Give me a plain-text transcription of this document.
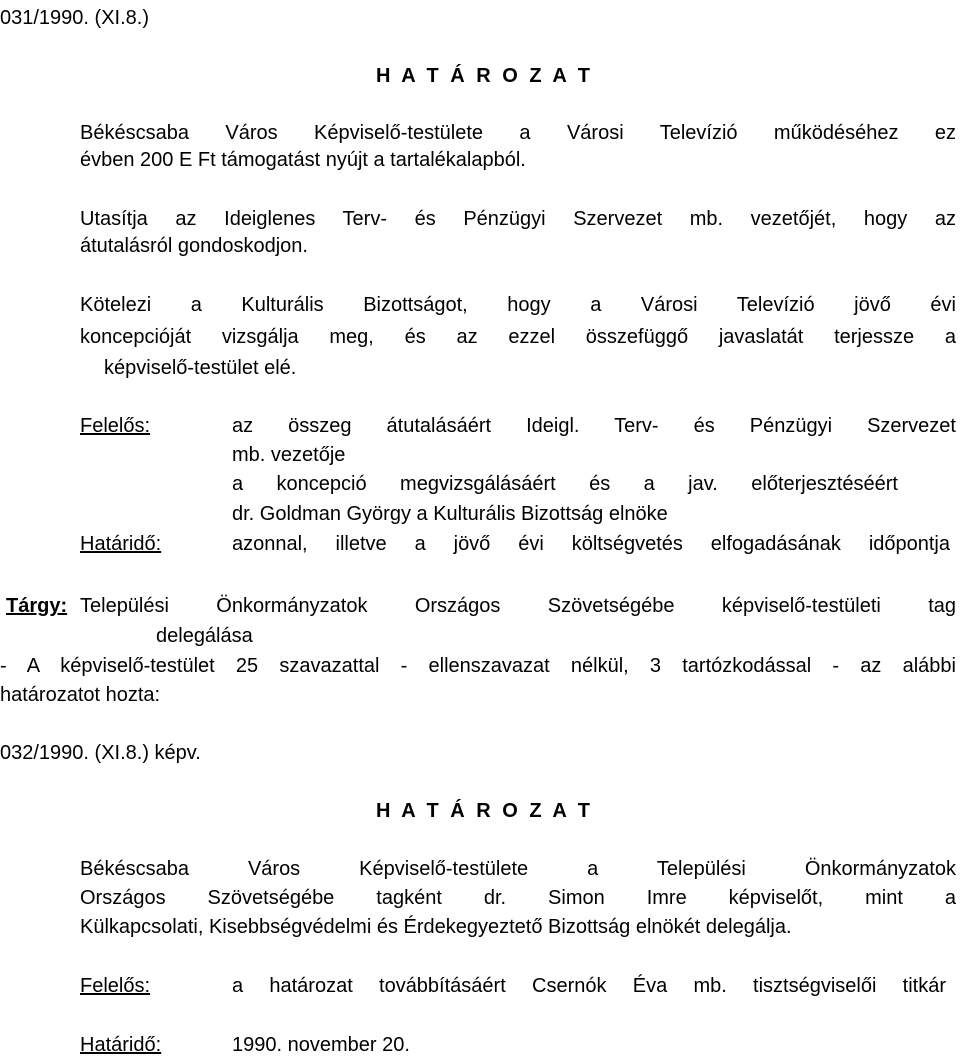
031/1990. (XI.8.)
H A T Á R O Z A T
Békéscsaba Város Képviselő-testülete a Városi Televízió működéséhez ez
évben 200 E Ft támogatást nyújt a tartalékalapból.
Utasítja az Ideiglenes Terv- és Pénzügyi Szervezet mb. vezetőjét, hogy az
átutalásról gondoskodjon.
Kötelezi a Kulturális Bizottságot, hogy a Városi Televízió jövő évi
koncepcióját vizsgálja meg, és az ezzel összefüggő javaslatát terjessze a
képviselő-testület elé.
Felelős:	az összeg átutalásáért Ideigl. Terv- és Pénzügyi Szervezet
mb. vezetője
a koncepció megvizsgálásáért és a jav. előterjesztéséért
dr. Goldman György a Kulturális Bizottság elnöke
Határidő:	azonnal, illetve a jövő évi költségvetés elfogadásának időpontja
Tárgy: Települési Önkormányzatok Országos Szövetségébe képviselő-testületi tag
delegálása
- A képviselő-testület 25 szavazattal - ellenszavazat nélkül, 3 tartózkodással - az alábbi
határozatot hozta:
032/1990. (XI.8.) képv.
H A T Á R O Z A T
Békéscsaba Város Képviselő-testülete a Települési Önkormányzatok
Országos Szövetségébe tagként dr. Simon Imre képviselőt, mint a
Külkapcsolati, Kisebbségvédelmi és Érdekegyeztető Bizottság elnökét delegálja.
Felelős:	a határozat továbbításáért Csernók Éva mb. tisztségviselői titkár
Határidő:	1990. november 20.
